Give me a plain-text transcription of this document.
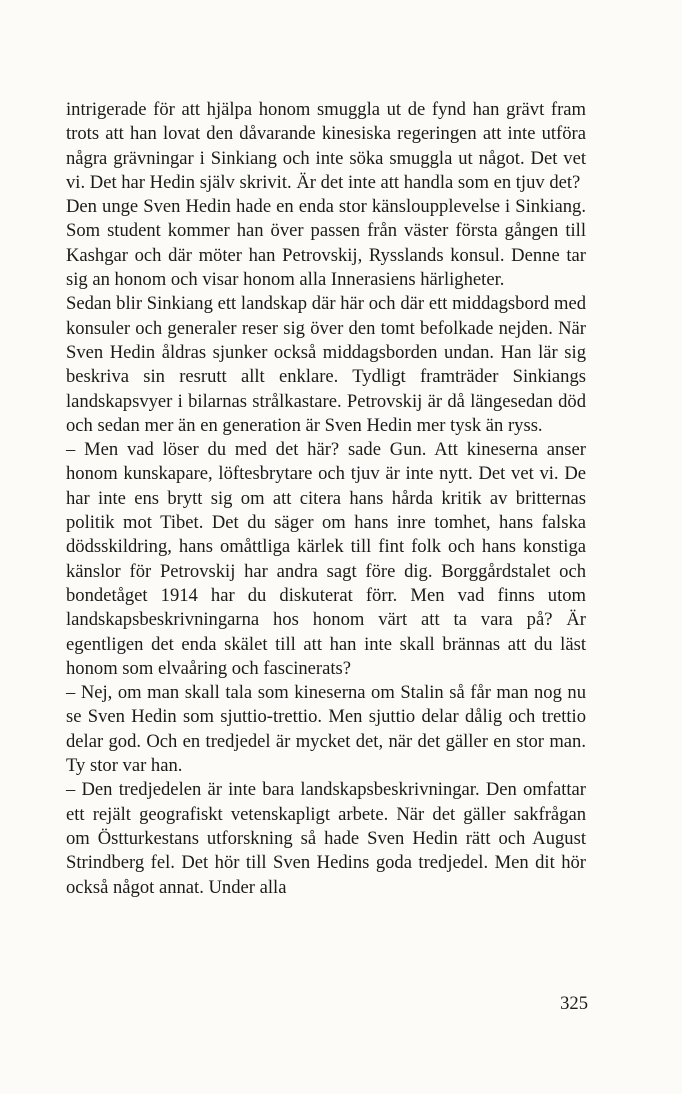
intrigerade för att hjälpa honom smuggla ut de fynd han grävt fram trots att han lovat den dåvarande kinesiska regeringen att inte utföra några grävningar i Sinkiang och inte söka smuggla ut något. Det vet vi. Det har Hedin själv skrivit. Är det inte att handla som en tjuv det?

Den unge Sven Hedin hade en enda stor känsloupplevelse i Sinkiang. Som student kommer han över passen från väster första gången till Kashgar och där möter han Petrovskij, Rysslands konsul. Denne tar sig an honom och visar honom alla Innerasiens härligheter.

Sedan blir Sinkiang ett landskap där här och där ett middagsbord med konsuler och generaler reser sig över den tomt befolkade nejden. När Sven Hedin åldras sjunker också middagsborden undan. Han lär sig beskriva sin resrutt allt enklare. Tydligt framträder Sinkiangs landskapsvyer i bilarnas strålkastare. Petrovskij är då längesedan död och sedan mer än en generation är Sven Hedin mer tysk än ryss.

– Men vad löser du med det här? sade Gun. Att kineserna anser honom kunskapare, löftesbrytare och tjuv är inte nytt. Det vet vi. De har inte ens brytt sig om att citera hans hårda kritik av britternas politik mot Tibet. Det du säger om hans inre tomhet, hans falska dödsskildring, hans omåttliga kärlek till fint folk och hans konstiga känslor för Petrovskij har andra sagt före dig. Borggårdstalet och bondetåget 1914 har du diskuterat förr. Men vad finns utom landskapsbeskrivningarna hos honom värt att ta vara på? Är egentligen det enda skälet till att han inte skall brännas att du läst honom som elvaåring och fascinerats?

– Nej, om man skall tala som kineserna om Stalin så får man nog nu se Sven Hedin som sjuttio-trettio. Men sjuttio delar dålig och trettio delar god. Och en tredjedel är mycket det, när det gäller en stor man. Ty stor var han.

– Den tredjedelen är inte bara landskapsbeskrivningar. Den omfattar ett rejält geografiskt vetenskapligt arbete. När det gäller sakfrågan om Östturkestans utforskning så hade Sven Hedin rätt och August Strindberg fel. Det hör till Sven Hedins goda tredjedel. Men dit hör också något annat. Under alla

325
